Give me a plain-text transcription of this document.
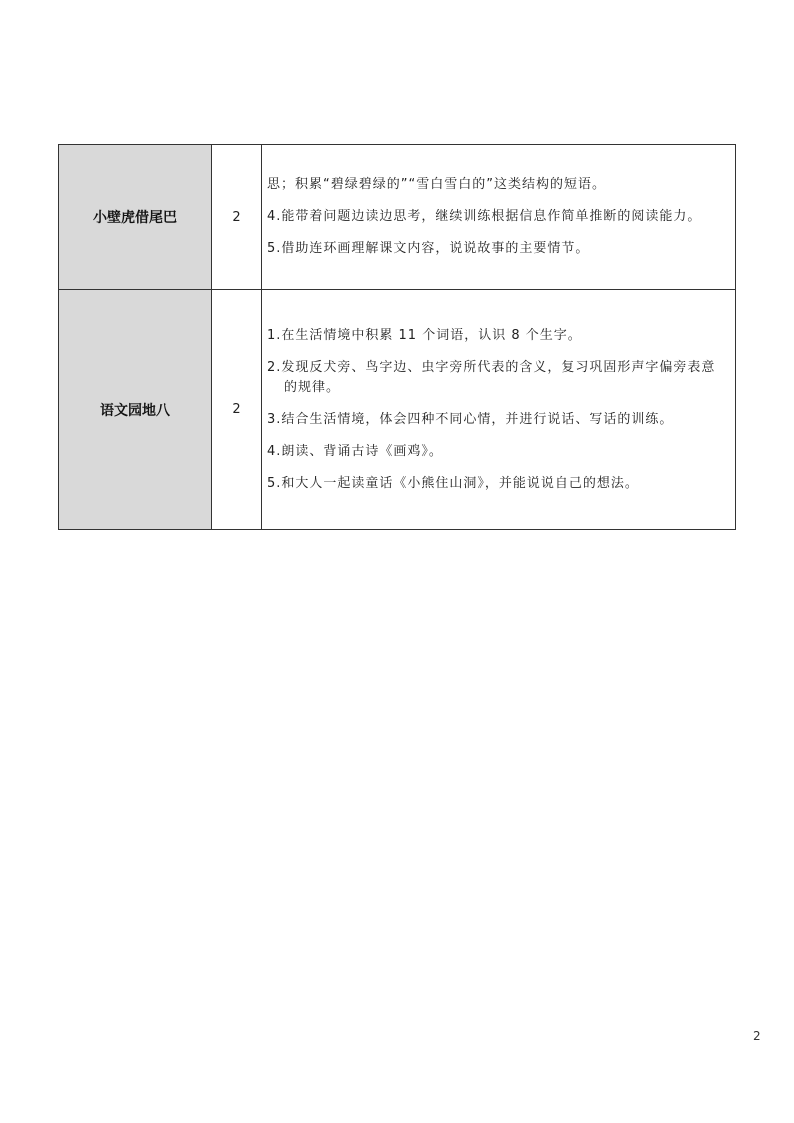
小壁虎借尾巴	2	思；积累“碧绿碧绿的”“雪白雪白的”这类结构的短语。

4.能带着问题边读边思考，继续训练根据信息作简单推断的阅读能力。

5.借助连环画理解课文内容，说说故事的主要情节。

语文园地八	2	1.在生活情境中积累 11 个词语，认识 8 个生字。

2.发现反犬旁、鸟字边、虫字旁所代表的含义，复习巩固形声字偏旁表意的规律。

3.结合生活情境，体会四种不同心情，并进行说话、写话的训练。

4.朗读、背诵古诗《画鸡》。

5.和大人一起读童话《小熊住山洞》，并能说说自己的想法。

2
